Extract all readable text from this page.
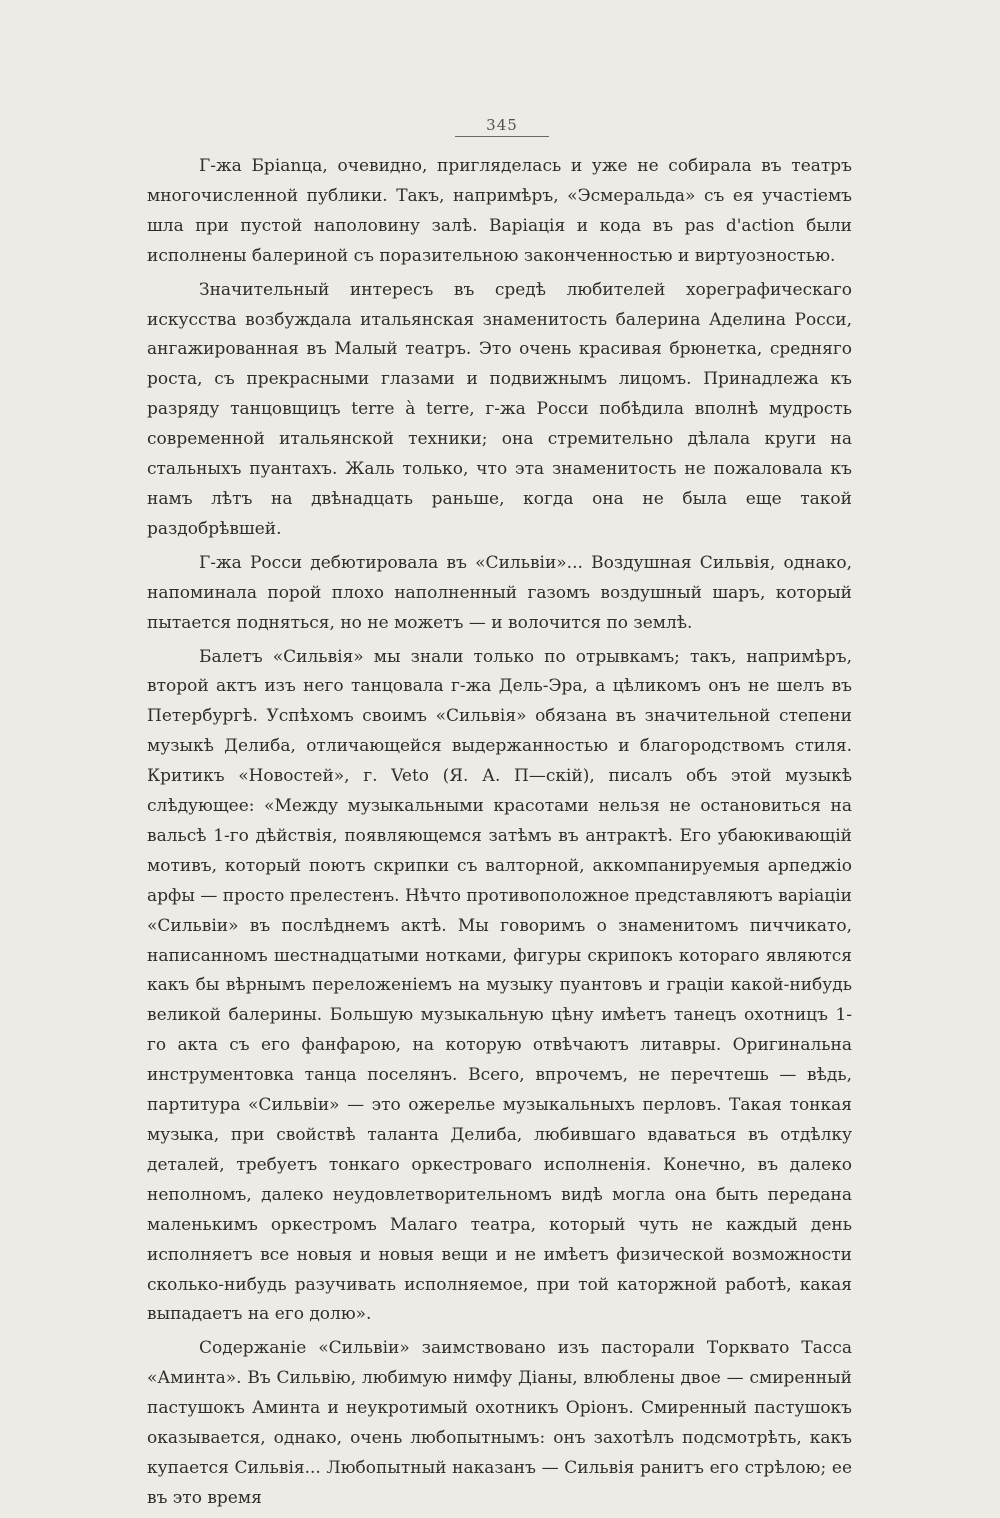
345

Г-жа Брianца, очевидно, пригляделась и уже не собирала въ театръ многочисленной публики. Такъ, напримѣръ, «Эсмеральда» съ ея участіемъ шла при пустой наполовину залѣ. Варіація и кода въ pas d'action были исполнены балериной съ поразительною законченностью и виртуозностью.

Значительный интересъ въ средѣ любителей хореграфическаго искусства возбуждала итальянская знаменитость балерина Аделина Росси, ангажированная въ Малый театръ. Это очень красивая брюнетка, средняго роста, съ прекрасными глазами и подвижнымъ лицомъ. Принадлежа къ разряду танцовщицъ terre à terre, г-жа Росси побѣдила вполнѣ мудрость современной итальянской техники; она стремительно дѣлала круги на стальныхъ пуантахъ. Жаль только, что эта знаменитость не пожаловала къ намъ лѣтъ на двѣнадцать раньше, когда она не была еще такой раздобрѣвшей.

Г-жа Росси дебютировала въ «Сильвіи»... Воздушная Сильвія, однако, напоминала порой плохо наполненный газомъ воздушный шаръ, который пытается подняться, но не можетъ — и волочится по землѣ.

Балетъ «Сильвія» мы знали только по отрывкамъ; такъ, напримѣръ, второй актъ изъ него танцовала г-жа Дель-Эра, а цѣликомъ онъ не шелъ въ Петербургѣ. Успѣхомъ своимъ «Сильвія» обязана въ значительной степени музыкѣ Делиба, отличающейся выдержанностью и благородствомъ стиля. Критикъ «Новостей», г. Veto (Я. А. П—скій), писалъ объ этой музыкѣ слѣдующее: «Между музыкальными красотами нельзя не остановиться на вальсѣ 1-го дѣйствія, появляющемся затѣмъ въ антрактѣ. Его убаюкивающій мотивъ, который поютъ скрипки съ валторной, аккомпанируемыя арпеджіо арфы — просто прелестенъ. Нѣчто противоположное представляютъ варіаціи «Сильвіи» въ послѣднемъ актѣ. Мы говоримъ о знаменитомъ пиччикато, написанномъ шестнадцатыми нотками, фигуры скрипокъ котораго являются какъ бы вѣрнымъ переложеніемъ на музыку пуантовъ и граціи какой-нибудь великой балерины. Большую музыкальную цѣну имѣетъ танецъ охотницъ 1-го акта съ его фанфарою, на которую отвѣчаютъ литавры. Оригинальна инструментовка танца поселянъ. Всего, впрочемъ, не перечтешь — вѣдь, партитура «Сильвіи» — это ожерелье музыкальныхъ перловъ. Такая тонкая музыка, при свойствѣ таланта Делиба, любившаго вдаваться въ отдѣлку деталей, требуетъ тонкаго оркестроваго исполненія. Конечно, въ далеко неполномъ, далеко неудовлетворительномъ видѣ могла она быть передана маленькимъ оркестромъ Малаго театра, который чуть не каждый день исполняетъ все новыя и новыя вещи и не имѣетъ физической возможности сколько-нибудь разучивать исполняемое, при той каторжной работѣ, какая выпадаетъ на его долю».

Содержаніе «Сильвіи» заимствовано изъ пасторали Торквато Тасса «Аминта». Въ Сильвію, любимую нимфу Діаны, влюблены двое — смиренный пастушокъ Аминта и неукротимый охотникъ Оріонъ. Смиренный пастушокъ оказывается, однако, очень любопытнымъ: онъ захотѣлъ подсмотрѣть, какъ купается Сильвія... Любопытный наказанъ — Сильвія ранитъ его стрѣлою; ее въ это время
